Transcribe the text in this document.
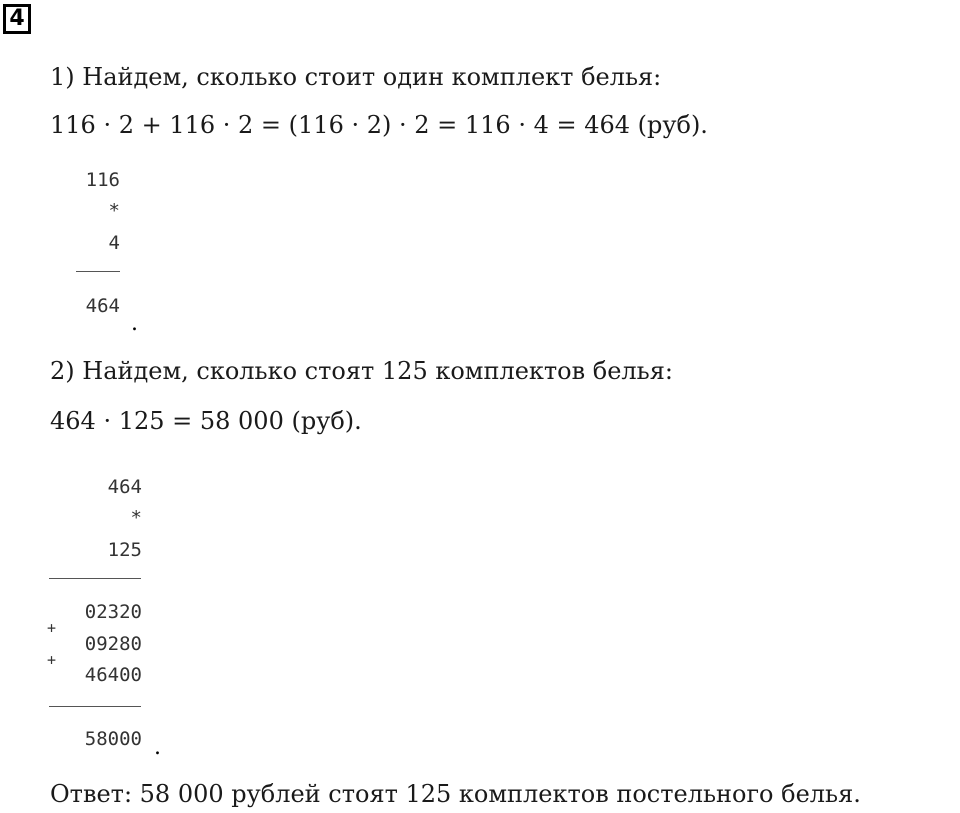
4
1) Найдем, сколько стоит один комплект белья:
116 · 2 + 116 · 2 = (116 · 2) · 2 = 116 · 4 = 464 (руб).
116
*
4
464
.
2) Найдем, сколько стоят 125 комплектов белья:
464 · 125 = 58 000 (руб).
464
*
125
02320
+
09280
+
46400
58000 .
Ответ: 58 000 рублей стоят 125 комплектов постельного белья.
